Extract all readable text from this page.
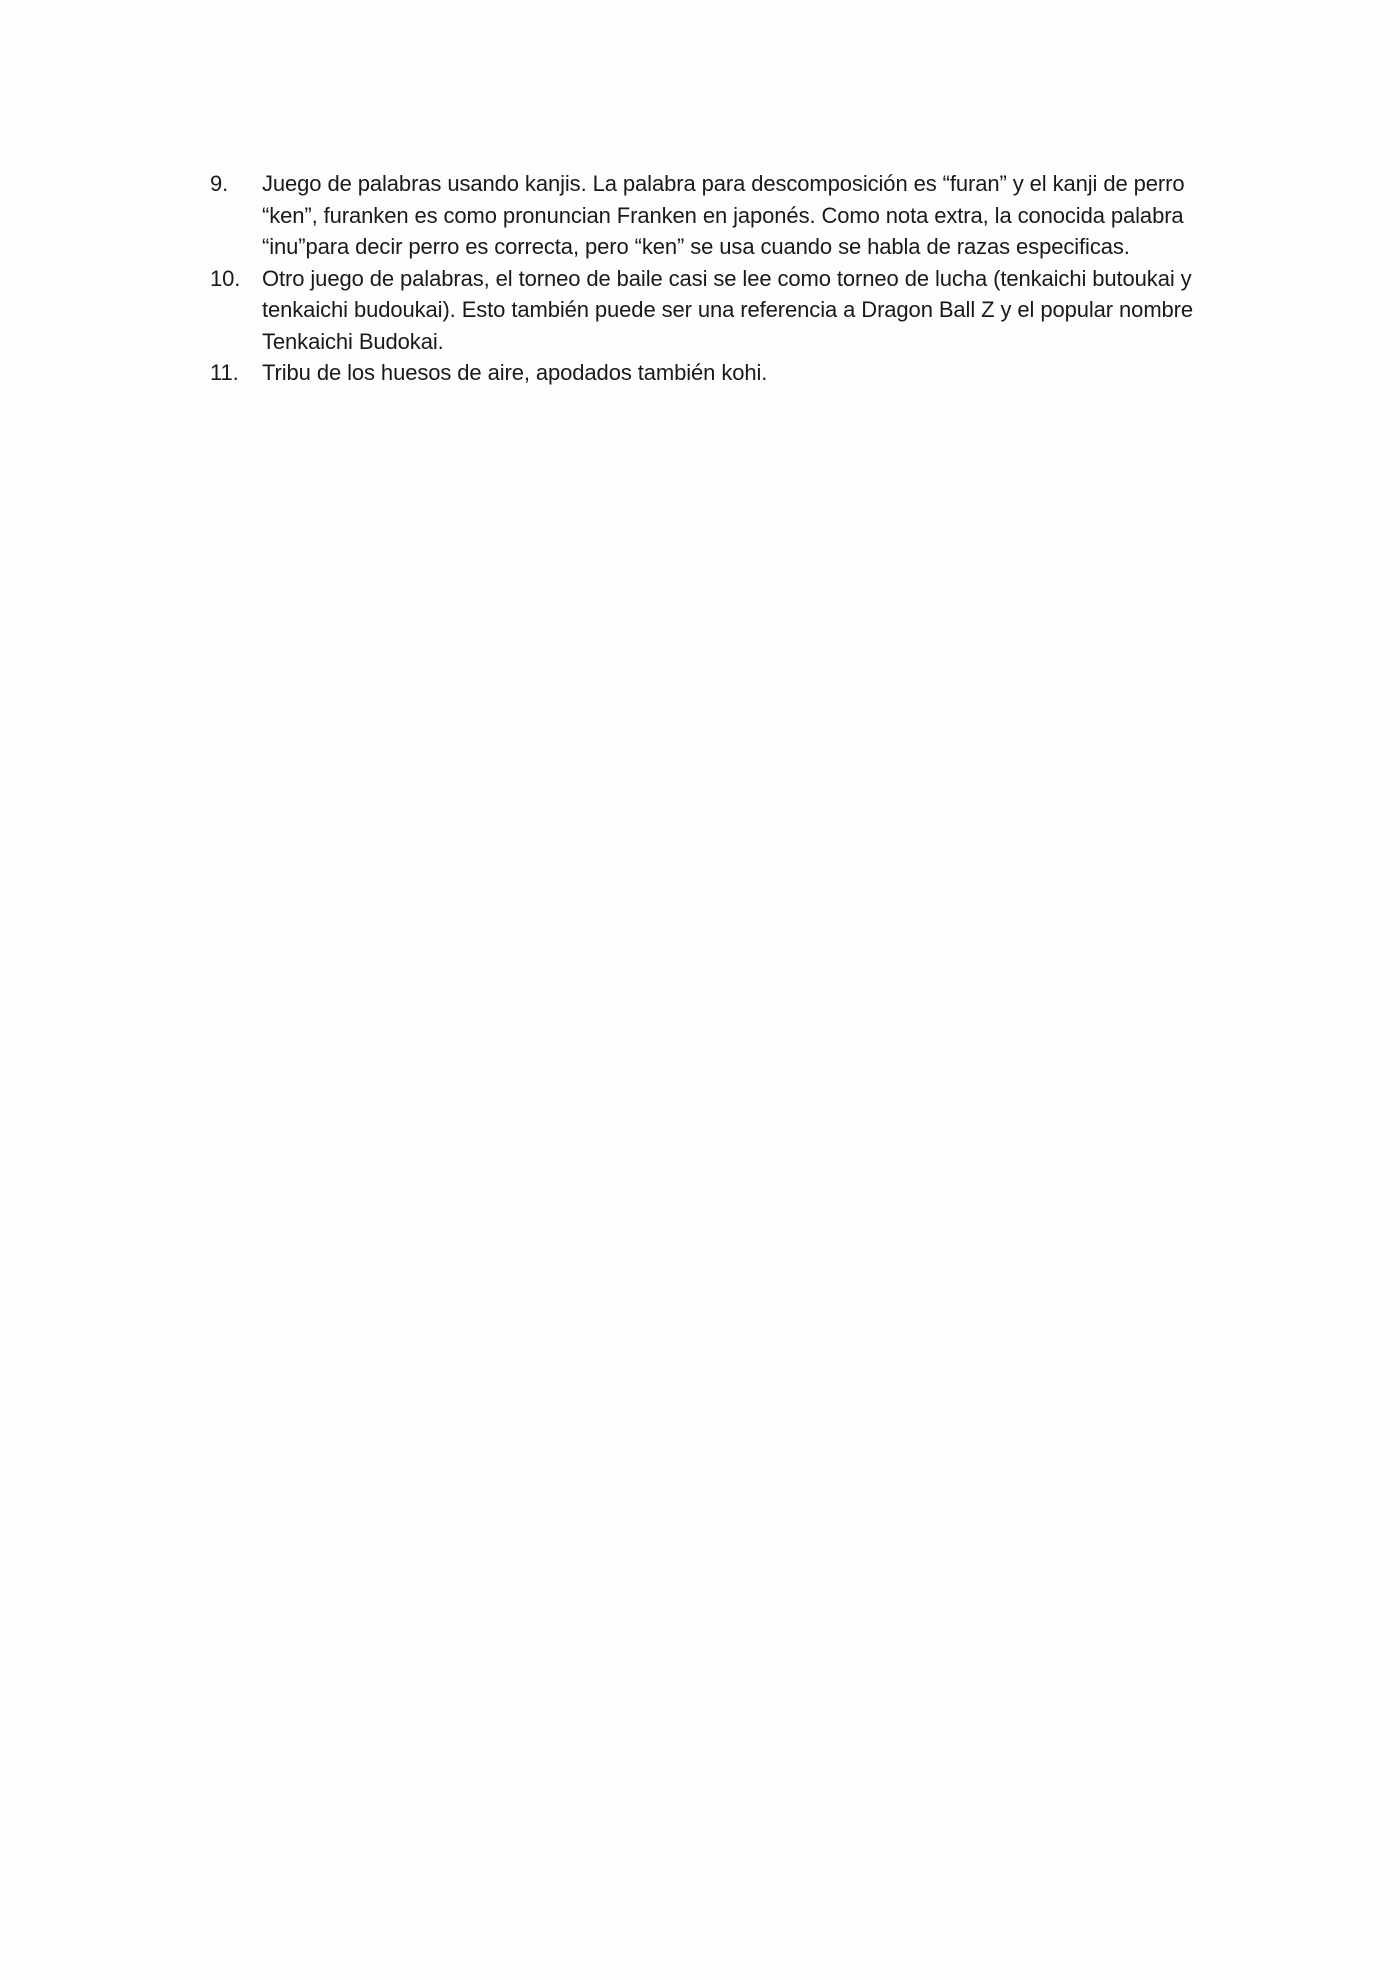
9.	Juego de palabras usando kanjis. La palabra para descomposición es “furan” y el kanji de perro “ken”, furanken es como pronuncian Franken en japonés. Como nota extra, la conocida palabra “inu”para decir perro es correcta, pero “ken” se usa cuando se habla de razas especificas.
10. Otro juego de palabras, el torneo de baile casi se lee como torneo de lucha (tenkaichi butoukai y tenkaichi budoukai). Esto también puede ser una referencia a Dragon Ball Z y el popular nombre Tenkaichi Budokai.
11.	Tribu de los huesos de aire, apodados también kohi.
